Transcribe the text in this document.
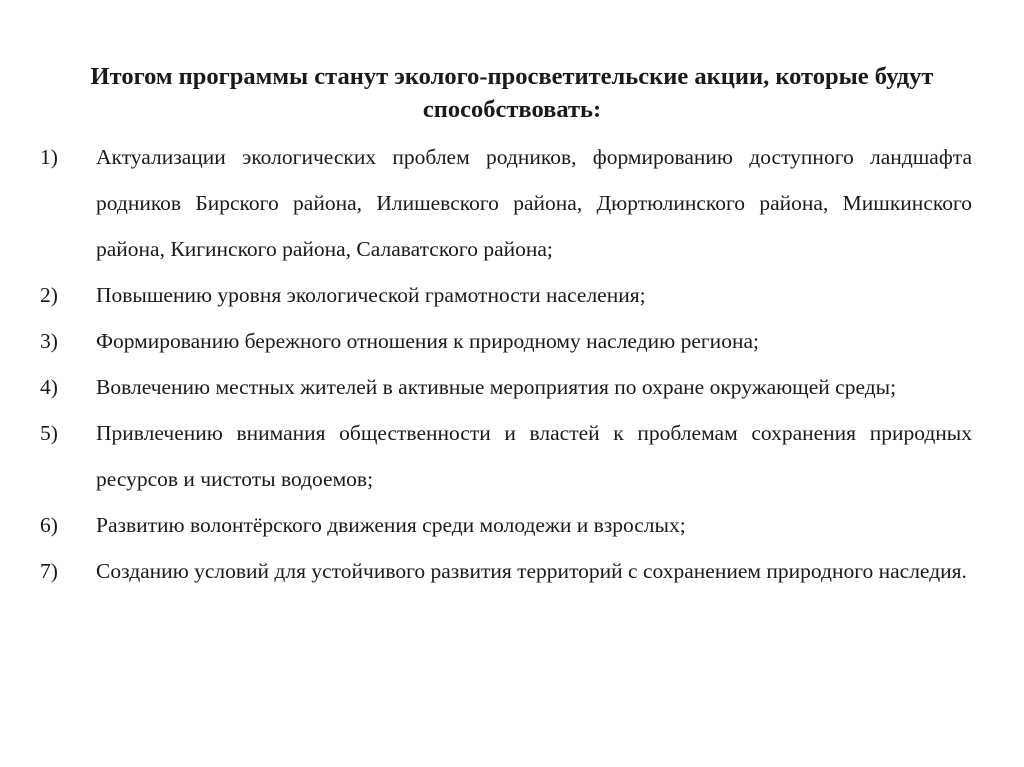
Итогом программы станут эколого-просветительские акции, которые будут способствовать:
1)	Актуализации экологических проблем родников, формированию доступного ландшафта родников Бирского района, Илишевского района, Дюртюлинского района, Мишкинского района, Кигинского района, Салаватского района;
2)	Повышению уровня экологической грамотности населения;
3)	Формированию бережного отношения к природному наследию региона;
4)	Вовлечению местных жителей в активные мероприятия по охране окружающей среды;
5)	Привлечению внимания общественности и властей к проблемам сохранения природных ресурсов и чистоты водоемов;
6)	Развитию волонтёрского движения среди молодежи и взрослых;
7)	Созданию условий для устойчивого развития территорий с сохранением природного наследия.
